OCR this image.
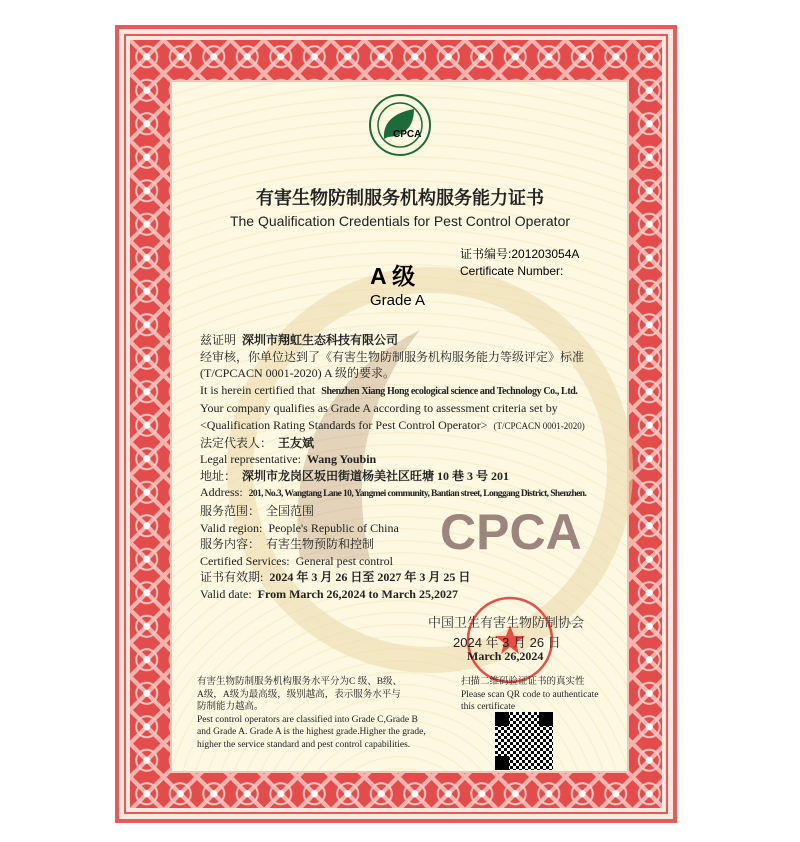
CPCA
CPCA
有害生物防制服务机构服务能力证书
The Qualification Credentials for Pest Control Operator
证书编号:201203054A
Certificate Number:
A 级
Grade A
兹证明 深圳市翔虹生态科技有限公司
经审核，你单位达到了《有害生物防制服务机构服务能力等级评定》标准
(T/CPCACN 0001-2020) A 级的要求。
It is herein certified that Shenzhen Xiang Hong ecological science and Technology Co., Ltd.
Your company qualifies as Grade A according to assessment criteria set by
<Qualification Rating Standards for Pest Control Operator> (T/CPCACN 0001-2020)
法定代表人： 王友斌
Legal representative: Wang Youbin
地址： 深圳市龙岗区坂田街道杨美社区旺塘 10 巷 3 号 201
Address: 201, No.3, Wangtang Lane 10, Yangmei community, Bantian street, Longgang District, Shenzhen.
服务范围： 全国范围
Valid region: People's Republic of China
服务内容： 有害生物预防和控制
Certified Services: General pest control
证书有效期: 2024 年 3 月 26 日至 2027 年 3 月 25 日
Valid date: From March 26,2024 to March 25,2027
中国卫生有害生物防制协会
2024 年 3 月 26 日
March 26,2024
有害生物防制服务机构服务水平分为C 级、B级、
A级，A级为最高级，级别越高，表示服务水平与
防制能力越高。
Pest control operators are classified into Grade C,Grade B
and Grade A. Grade A is the highest grade.Higher the grade,
higher the service standard and pest control capabilities.
扫描二维码验证证书的真实性
Please scan QR code to authenticate
this certificate
